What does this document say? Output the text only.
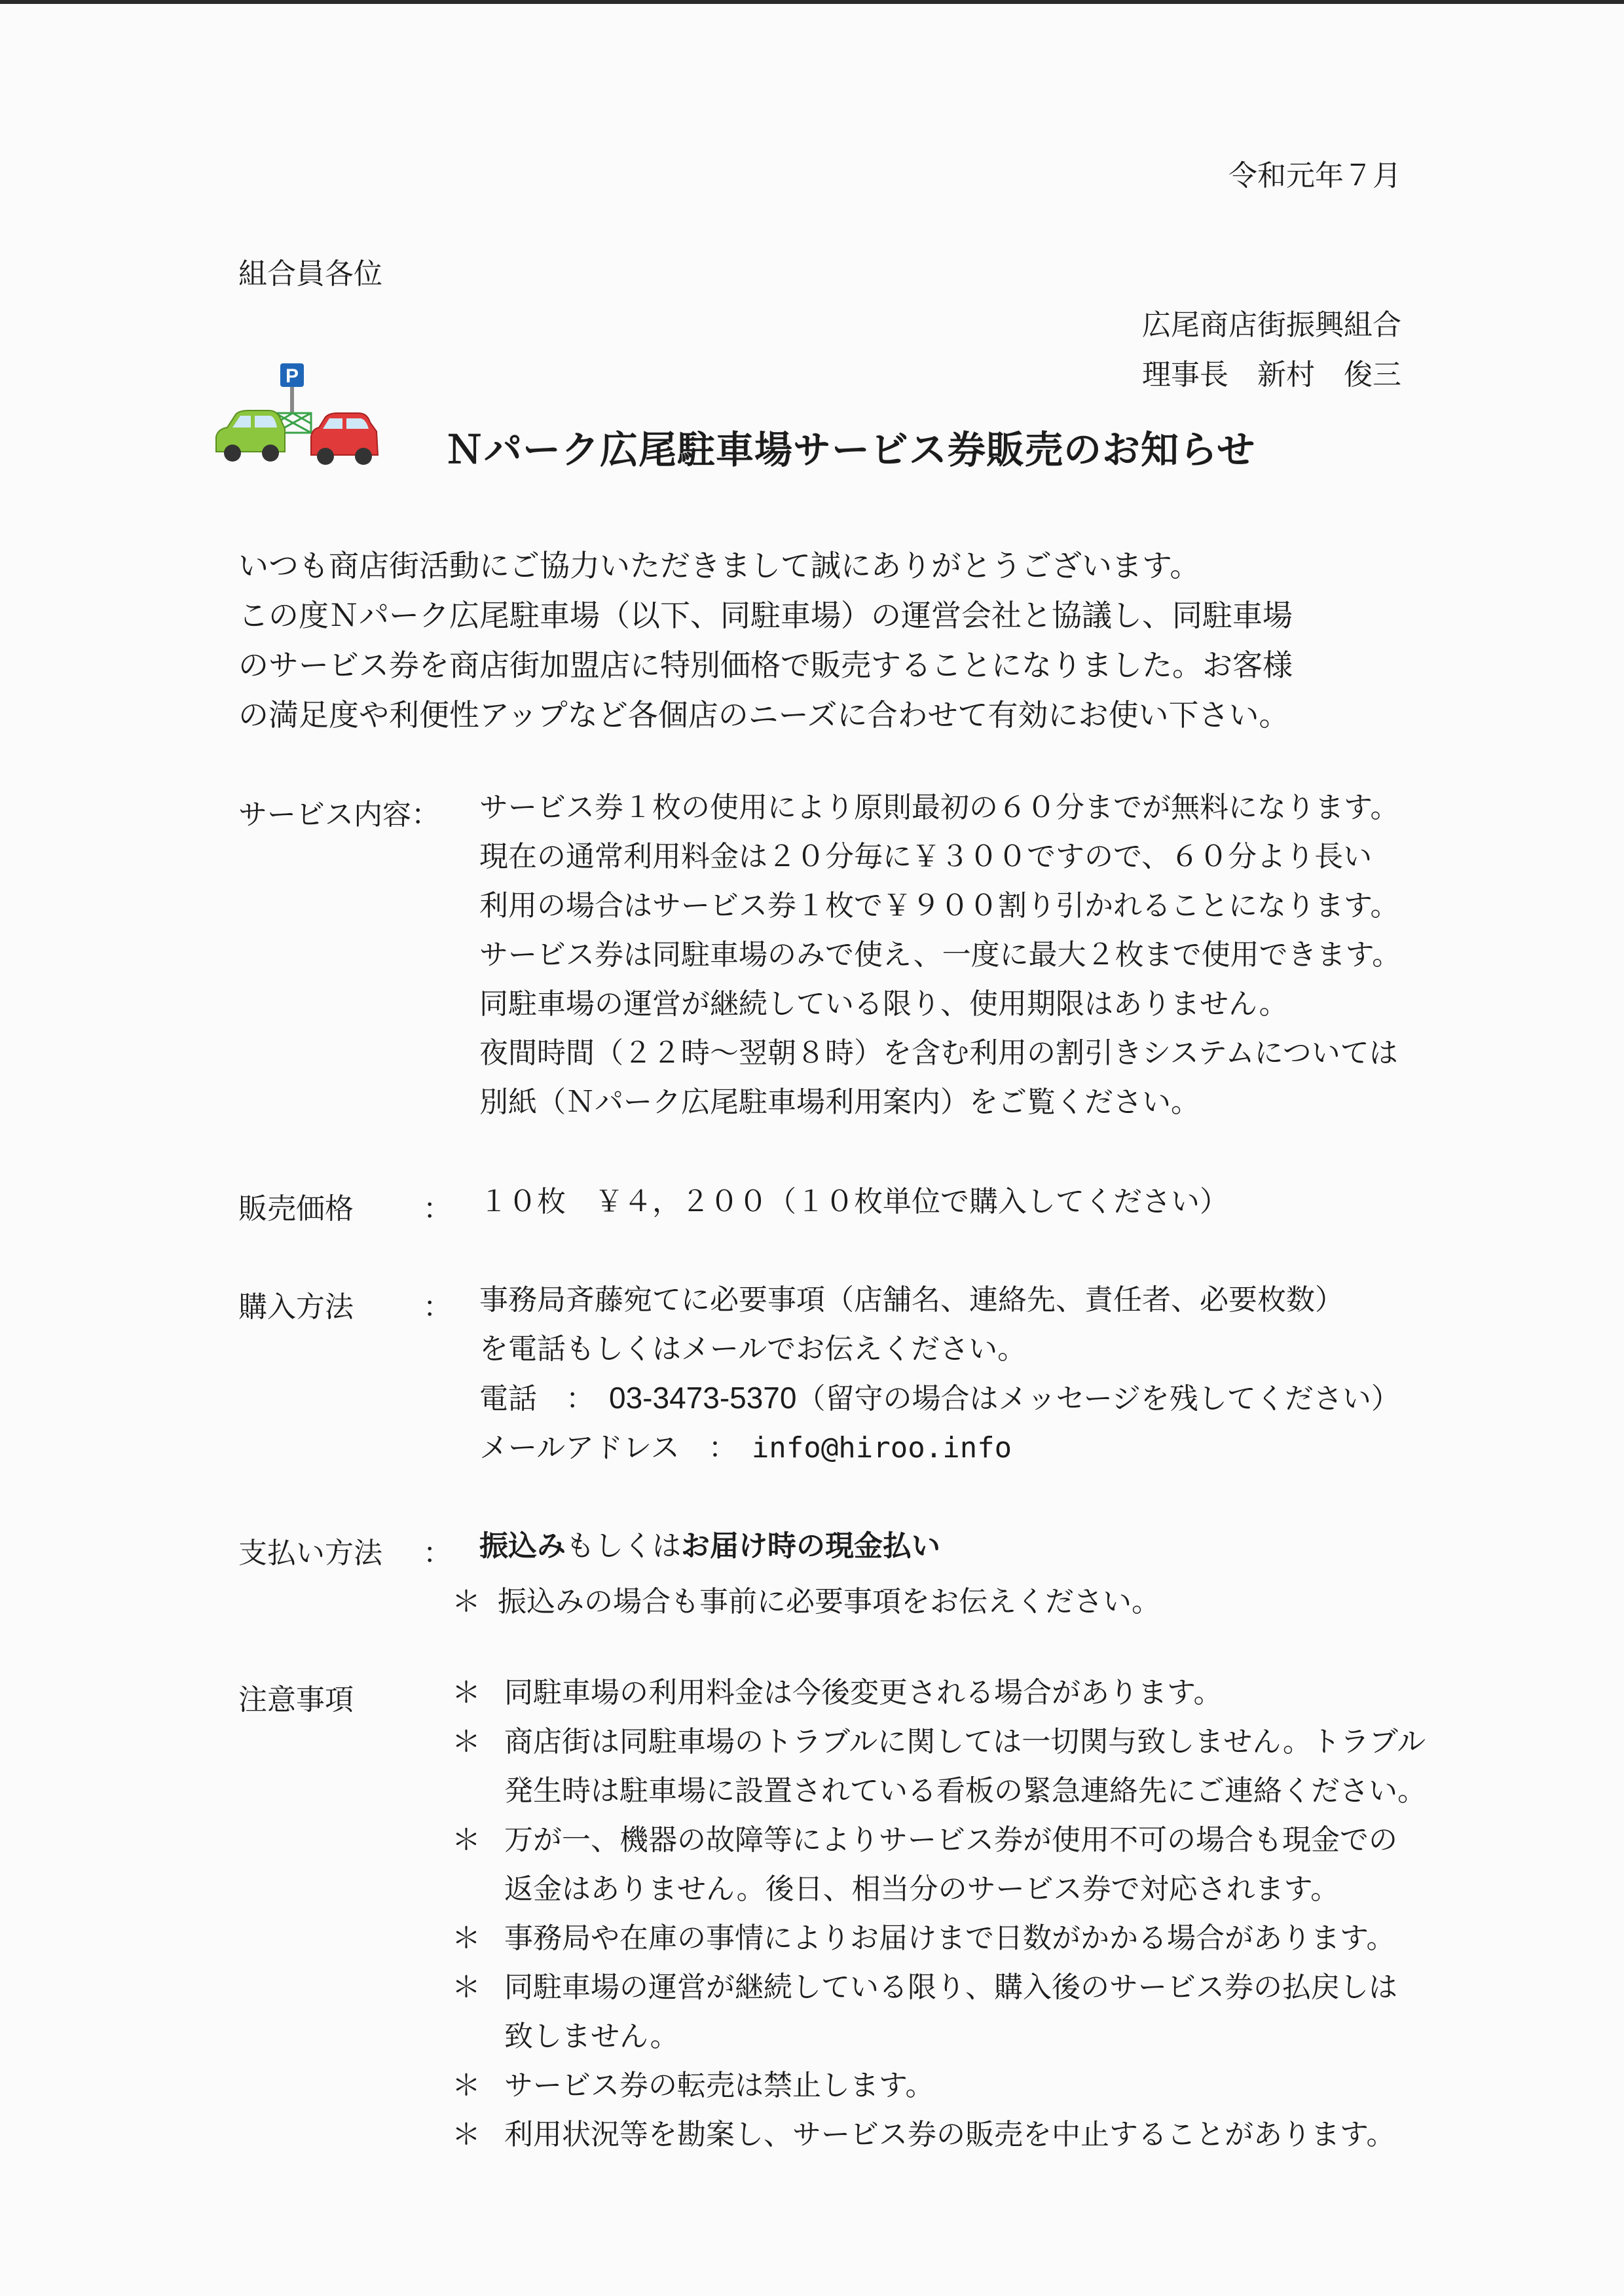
令和元年７月
組合員各位
広尾商店街振興組合
理事長 新村　俊三
P
Ｎパーク広尾駐車場サービス券販売のお知らせ
いつも商店街活動にご協力いただきまして誠にありがとうございます。
この度Ｎパーク広尾駐車場（以下、同駐車場）の運営会社と協議し、同駐車場
のサービス券を商店街加盟店に特別価格で販売することになりました。お客様
の満足度や利便性アップなど各個店のニーズに合わせて有効にお使い下さい。
サービス内容： サービス券１枚の使用により原則最初の６０分までが無料になります。
現在の通常利用料金は２０分毎に￥３００ですので、６０分より長い
利用の場合はサービス券１枚で￥９００割り引かれることになります。
サービス券は同駐車場のみで使え、一度に最大２枚まで使用できます。
同駐車場の運営が継続している限り、使用期限はありません。
夜間時間（２２時～翌朝８時）を含む利用の割引きシステムについては
別紙（Ｎパーク広尾駐車場利用案内）をご覧ください。
販売価格 ： １０枚　￥４，２００（１０枚単位で購入してください）
購入方法 ： 事務局斉藤宛てに必要事項（店舗名、連絡先、責任者、必要枚数）
を電話もしくはメールでお伝えください。
電話　：　 03-3473-5370（留守の場合はメッセージを残してください）
メールアドレス　：　 info@hiroo.info
支払い方法 ： 振込みもしくはお届け時の現金払い
＊ 振込みの場合も事前に必要事項をお伝えください。
注意事項	＊ 同駐車場の利用料金は今後変更される場合があります。
＊ 商店街は同駐車場のトラブルに関しては一切関与致しません。トラブル
発生時は駐車場に設置されている看板の緊急連絡先にご連絡ください。
＊ 万が一、機器の故障等によりサービス券が使用不可の場合も現金での
返金はありません。後日、相当分のサービス券で対応されます。
＊ 事務局や在庫の事情によりお届けまで日数がかかる場合があります。
＊ 同駐車場の運営が継続している限り、購入後のサービス券の払戻しは
致しません。
＊ サービス券の転売は禁止します。
＊ 利用状況等を勘案し、サービス券の販売を中止することがあります。
